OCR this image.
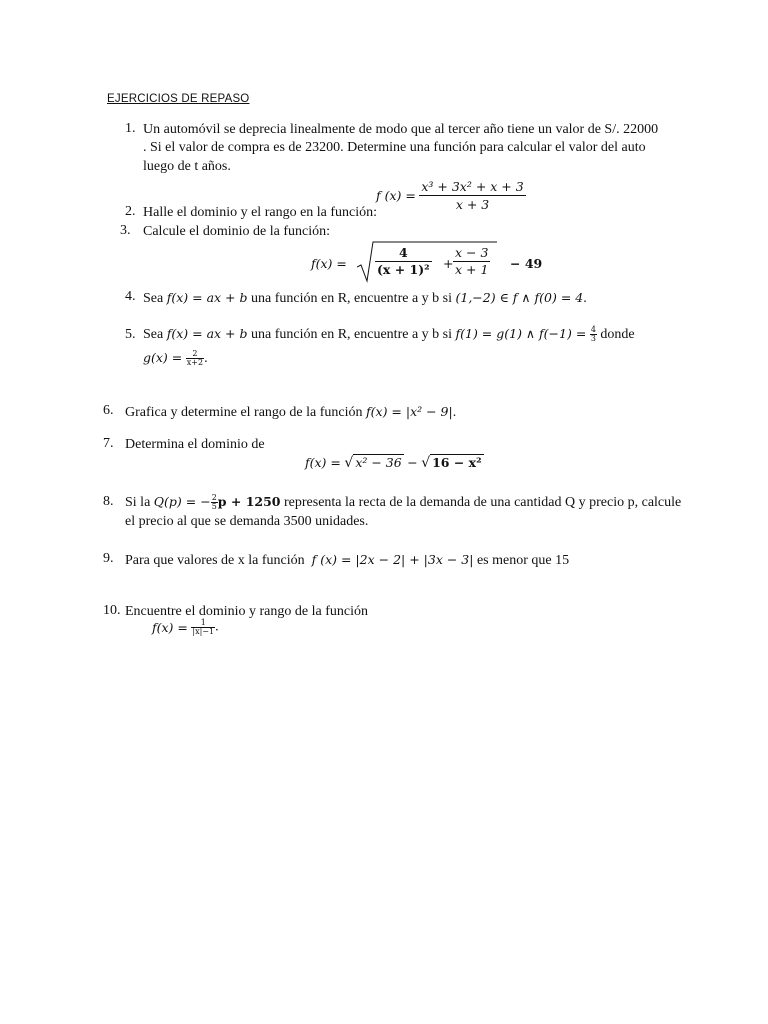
EJERCICIOS DE REPASO
1. Un automóvil se deprecia linealmente de modo que al tercer año tiene un valor de S/. 22000
. Si el valor de compra es de 23200. Determine una función para calcular el valor del auto
luego de t años.
f $(x) = \frac{\text{x³ + 3x² + x + 3}}{x + 3}$
2. Halle el dominio y el rango en la función:
3. Calcule el dominio de la función:
$f(x) = \frac{4}{\text{(x + 1)²}} + \frac{x - 3}{x + 1} - 49$
4. Sea f(x) = ax + b una función en R, encuentre a y b si (1,−2) ∈ f ∧ f(0) = 4.
5. Sea f(x) = ax + b una función en R, encuentre a y b si f(1) = g(1) ∧ $f(-1) = \frac{4}{3}$ donde
$g(x) = \frac{2}{x+2}$ .
6. Grafica y determine el rango de la función f(x) = |x² − 9|.
7. Determina el dominio de
f(x) = √ x² − 36 − √ 16 − x²
8. Si la Q(p) = − $\frac{2}{5}$ p + 1250 representa la recta de la demanda de una cantidad Q y precio p, calcule
el precio al que se demanda 3500 unidades.
9. Para que valores de x la función f (x) = |2x − 2| + |3x − 3| es menor que 15
10. Encuentre el dominio y rango de la función
$f(x) = \frac{1}{|x|-1}$ .
